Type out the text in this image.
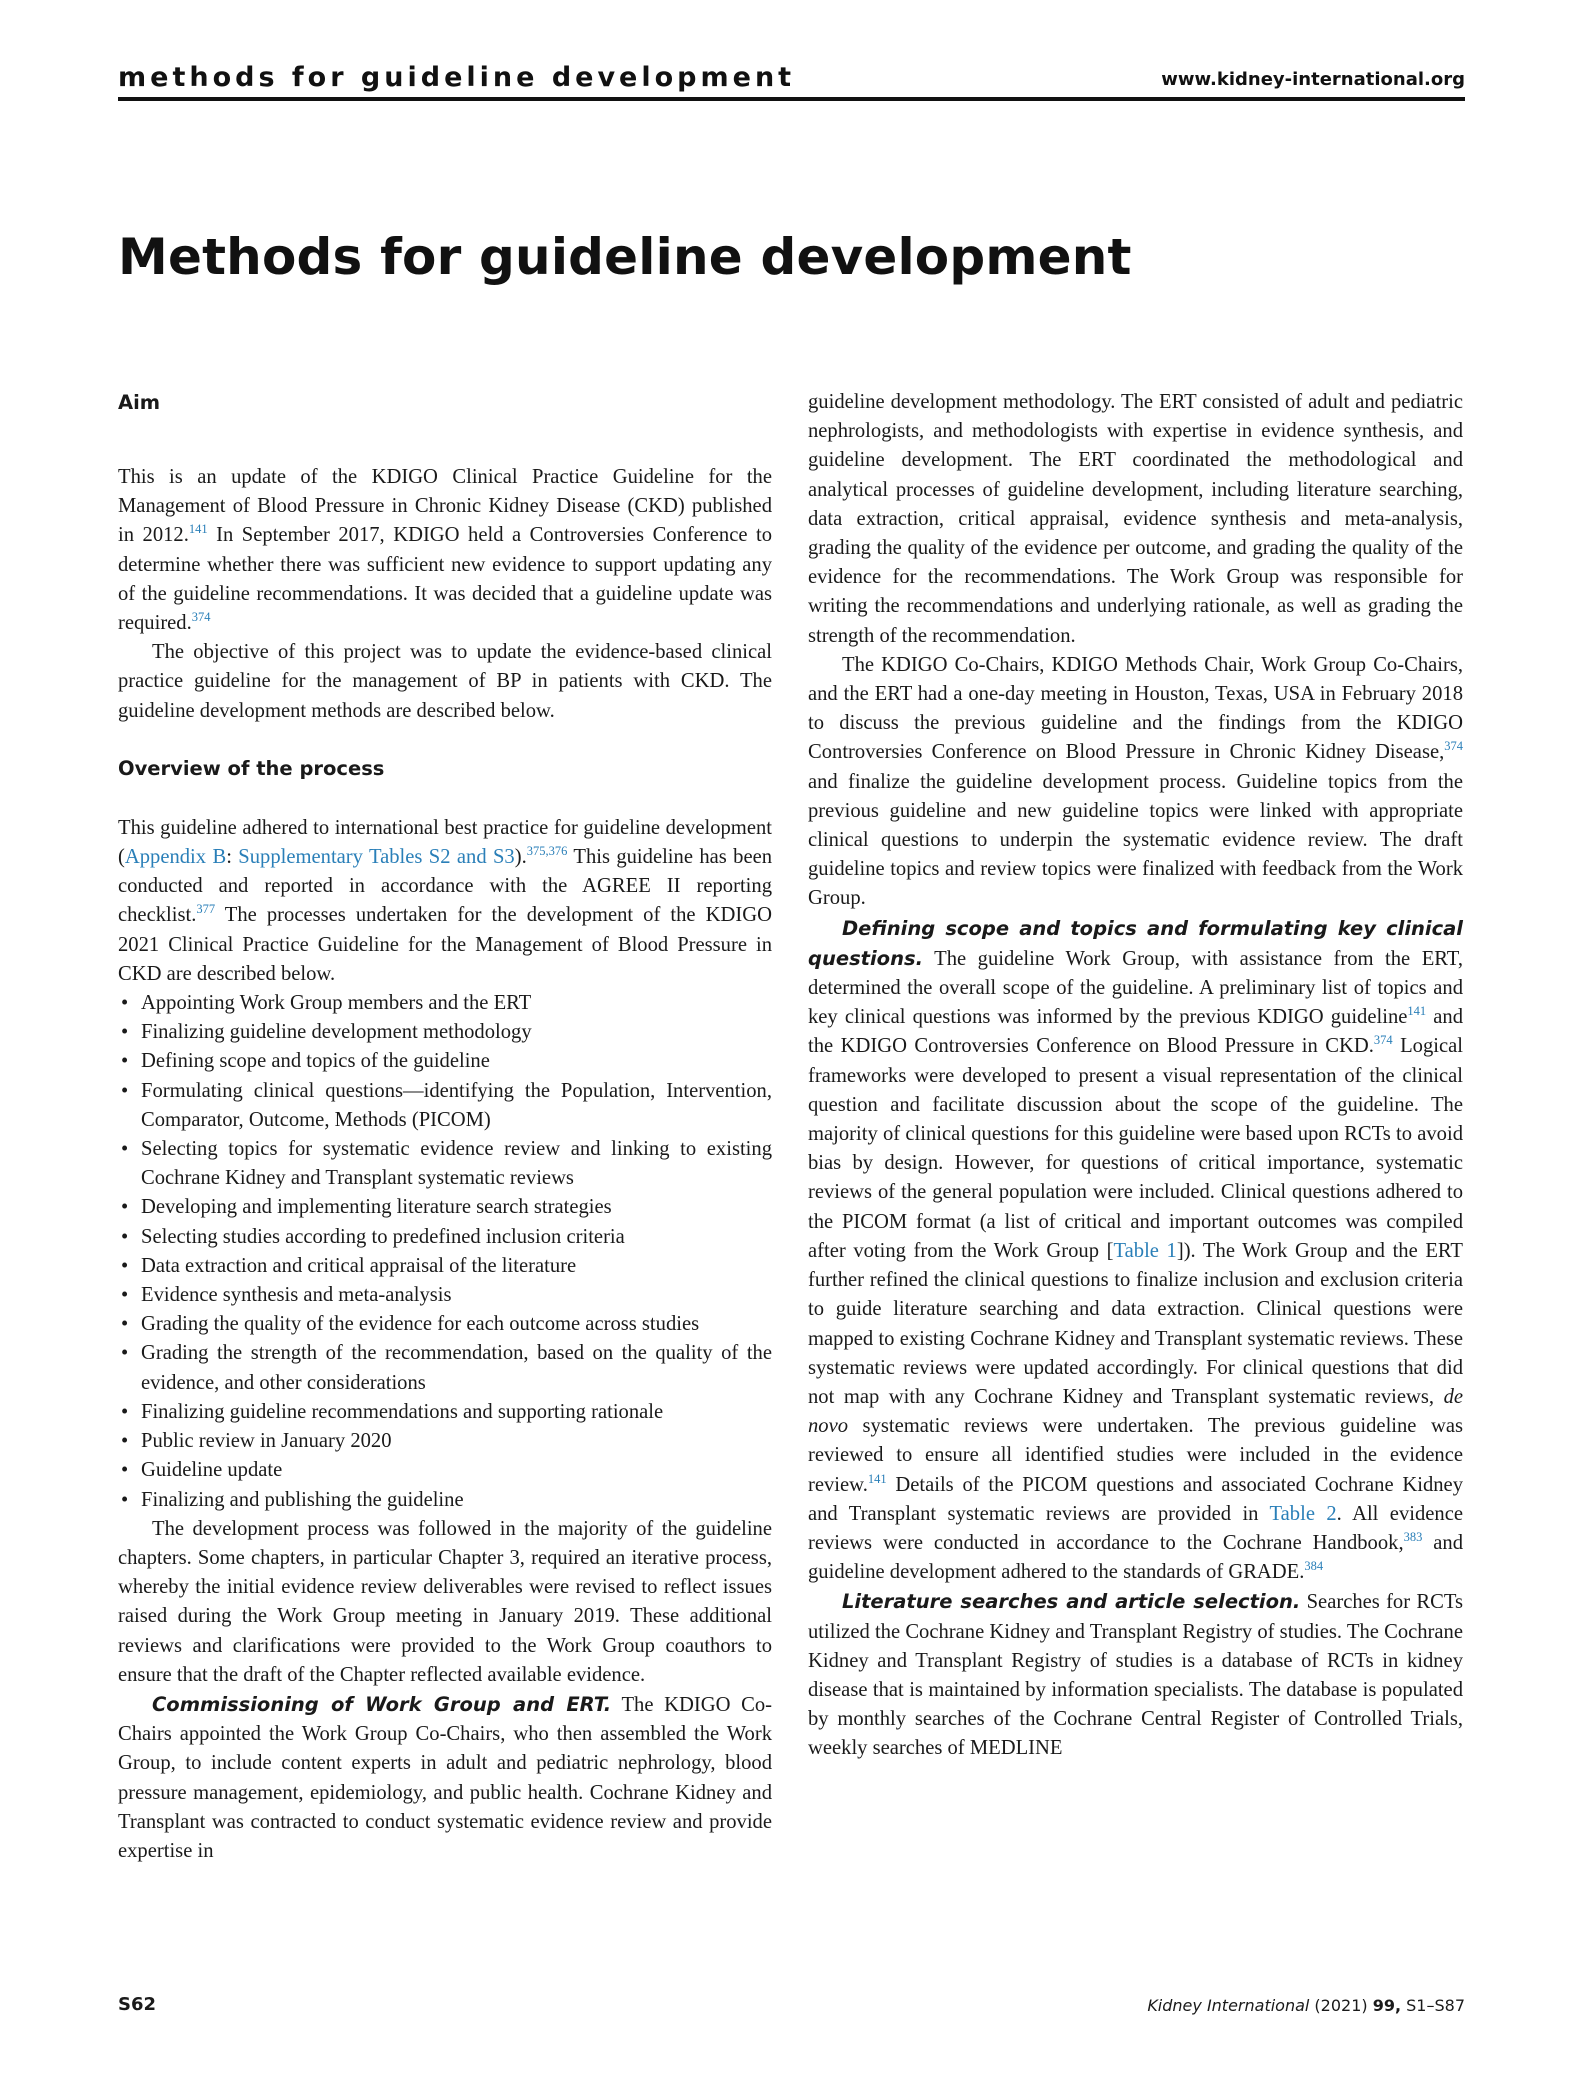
methods for guideline development	www.kidney-international.org
Methods for guideline development
Aim

This is an update of the KDIGO Clinical Practice Guideline for the Management of Blood Pressure in Chronic Kidney Disease (CKD) published in 2012.$^{141}$ In September 2017, KDIGO held a Controversies Conference to determine whether there was sufficient new evidence to support updating any of the guideline recommendations. It was decided that a guideline update was required.$^{374}$

The objective of this project was to update the evidence-based clinical practice guideline for the management of BP in patients with CKD. The guideline development methods are described below.

Overview of the process

This guideline adhered to international best practice for guideline development (Appendix B: Supplementary Tables S2 and S3).$^{375,376}$ This guideline has been conducted and reported in accordance with the AGREE II reporting checklist.$^{377}$ The processes undertaken for the development of the KDIGO 2021 Clinical Practice Guideline for the Management of Blood Pressure in CKD are described below.

• Appointing Work Group members and the ERT
• Finalizing guideline development methodology
• Defining scope and topics of the guideline
• Formulating clinical questions—identifying the Population, Intervention, Comparator, Outcome, Methods (PICOM)
• Selecting topics for systematic evidence review and linking to existing Cochrane Kidney and Transplant systematic reviews
• Developing and implementing literature search strategies
• Selecting studies according to predefined inclusion criteria
• Data extraction and critical appraisal of the literature
• Evidence synthesis and meta-analysis
• Grading the quality of the evidence for each outcome across studies
• Grading the strength of the recommendation, based on the quality of the evidence, and other considerations
• Finalizing guideline recommendations and supporting rationale
• Public review in January 2020
• Guideline update
• Finalizing and publishing the guideline

The development process was followed in the majority of the guideline chapters. Some chapters, in particular Chapter 3, required an iterative process, whereby the initial evidence review deliverables were revised to reflect issues raised during the Work Group meeting in January 2019. These additional reviews and clarifications were provided to the Work Group coauthors to ensure that the draft of the Chapter reflected available evidence.

Commissioning of Work Group and ERT. The KDIGO Co-Chairs appointed the Work Group Co-Chairs, who then assembled the Work Group, to include content experts in adult and pediatric nephrology, blood pressure management, epidemiology, and public health. Cochrane Kidney and Transplant was contracted to conduct systematic evidence review and provide expertise in

guideline development methodology. The ERT consisted of adult and pediatric nephrologists, and methodologists with expertise in evidence synthesis, and guideline development. The ERT coordinated the methodological and analytical processes of guideline development, including literature searching, data extraction, critical appraisal, evidence synthesis and meta-analysis, grading the quality of the evidence per outcome, and grading the quality of the evidence for the recommendations. The Work Group was responsible for writing the recommendations and underlying rationale, as well as grading the strength of the recommendation.

The KDIGO Co-Chairs, KDIGO Methods Chair, Work Group Co-Chairs, and the ERT had a one-day meeting in Houston, Texas, USA in February 2018 to discuss the previous guideline and the findings from the KDIGO Controversies Conference on Blood Pressure in Chronic Kidney Disease,$^{374}$ and finalize the guideline development process. Guideline topics from the previous guideline and new guideline topics were linked with appropriate clinical questions to underpin the systematic evidence review. The draft guideline topics and review topics were finalized with feedback from the Work Group.

Defining scope and topics and formulating key clinical questions. The guideline Work Group, with assistance from the ERT, determined the overall scope of the guideline. A preliminary list of topics and key clinical questions was informed by the previous KDIGO guideline$^{141}$ and the KDIGO Controversies Conference on Blood Pressure in CKD.$^{374}$ Logical frameworks were developed to present a visual representation of the clinical question and facilitate discussion about the scope of the guideline. The majority of clinical questions for this guideline were based upon RCTs to avoid bias by design. However, for questions of critical importance, systematic reviews of the general population were included. Clinical questions adhered to the PICOM format (a list of critical and important outcomes was compiled after voting from the Work Group [Table 1]). The Work Group and the ERT further refined the clinical questions to finalize inclusion and exclusion criteria to guide literature searching and data extraction. Clinical questions were mapped to existing Cochrane Kidney and Transplant systematic reviews. These systematic reviews were updated accordingly. For clinical questions that did not map with any Cochrane Kidney and Transplant systematic reviews, de novo systematic reviews were undertaken. The previous guideline was reviewed to ensure all identified studies were included in the evidence review.$^{141}$ Details of the PICOM questions and associated Cochrane Kidney and Transplant systematic reviews are provided in Table 2. All evidence reviews were conducted in accordance to the Cochrane Handbook,$^{383}$ and guideline development adhered to the standards of GRADE.$^{384}$

Literature searches and article selection. Searches for RCTs utilized the Cochrane Kidney and Transplant Registry of studies. The Cochrane Kidney and Transplant Registry of studies is a database of RCTs in kidney disease that is maintained by information specialists. The database is populated by monthly searches of the Cochrane Central Register of Controlled Trials, weekly searches of MEDLINE

S62	Kidney International (2021) 99, S1–S87
